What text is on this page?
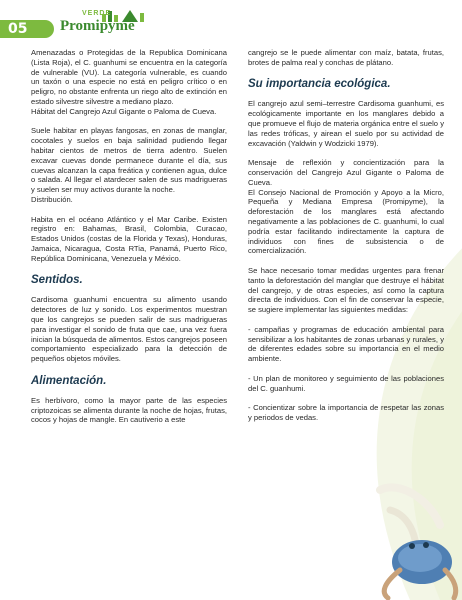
05
VERDE
Promipyme

Amenazadas o Protegidas de la Republica Dominicana (Lista Roja), el C. guanhumi se encuentra en la categoría de vulnerable (VU). La categoría vulnerable, es cuando un taxón o una especie no está en peligro crítico o en peligro, no obstante enfrenta un riego alto de extinción en estado silvestre silvestre a mediano plazo.

Hábitat del Cangrejo Azul Gigante o Paloma de Cueva.

Suele habitar en playas fangosas, en zonas de manglar, cocotales y suelos en baja salinidad pudiendo llegar habitar cientos de metros de tierra adentro. Suelen excavar cuevas donde permanece durante el día, sus cuevas alcanzan la capa freática y contienen agua, dulce o salada. Al llegar el atardecer salen de sus madrigueras y suelen ser muy activos durante la noche.

Distribución.

Habita en el océano Atlántico y el Mar Caribe. Existen registro en: Bahamas, Brasil, Colombia, Curacao, Estados Unidos (costas de la Florida y Texas), Honduras, Jamaica, Nicaragua, Costa RTia, Panamá, Puerto Rico, República Dominicana, Venezuela y México.

Sentidos.

Cardisoma guanhumi encuentra su alimento usando detectores de luz y sonido. Los experimentos muestran que los cangrejos se pueden salir de sus madrigueras para investigar el sonido de fruta que cae, una vez fuera inician la búsqueda de alimentos. Estos cangrejos poseen comportamiento especializado para la detección de pequeños objetos móviles.

Alimentación.

Es herbívoro, como la mayor parte de las especies criptozoicas se alimenta durante la noche de hojas, frutas, cocos y hojas de mangle. En cautiverio a este

cangrejo se le puede alimentar con maíz, batata, frutas, brotes de palma real y conchas de plátano.

Su importancia ecológica.

El cangrejo azul semi–terrestre Cardisoma guanhumi, es ecológicamente importante en los manglares debido a que promueve el flujo de materia orgánica entre el suelo y las redes tróficas, y airean el suelo por su actividad de excavación (Yaldwin y Wodzicki 1979).

Mensaje de reflexión y concientización para la conservación del Cangrejo Azul Gigante o Paloma de Cueva.

El Consejo Nacional de Promoción y Apoyo a la Micro, Pequeña y Mediana Empresa (Promipyme), la deforestación de los manglares está afectando negativamente a las poblaciones de C. guanhumi, lo cual podría estar facilitando indirectamente la captura de individuos con fines de subsistencia o de comercialización.

Se hace necesario tomar medidas urgentes para frenar tanto la deforestación del manglar que destruye el hábitat del cangrejo, y de otras especies, así como la captura directa de individuos. Con el fin de conservar la especie, se sugiere implementar las siguientes medidas:

- campañas y programas de educación ambiental para sensibilizar a los habitantes de zonas urbanas y rurales, y de diferentes edades sobre su importancia en el medio ambiente.

- Un plan de monitoreo y seguimiento de las poblaciones del C. guanhumi.

- Concientizar sobre la importancia de respetar las zonas y periodos de vedas.
